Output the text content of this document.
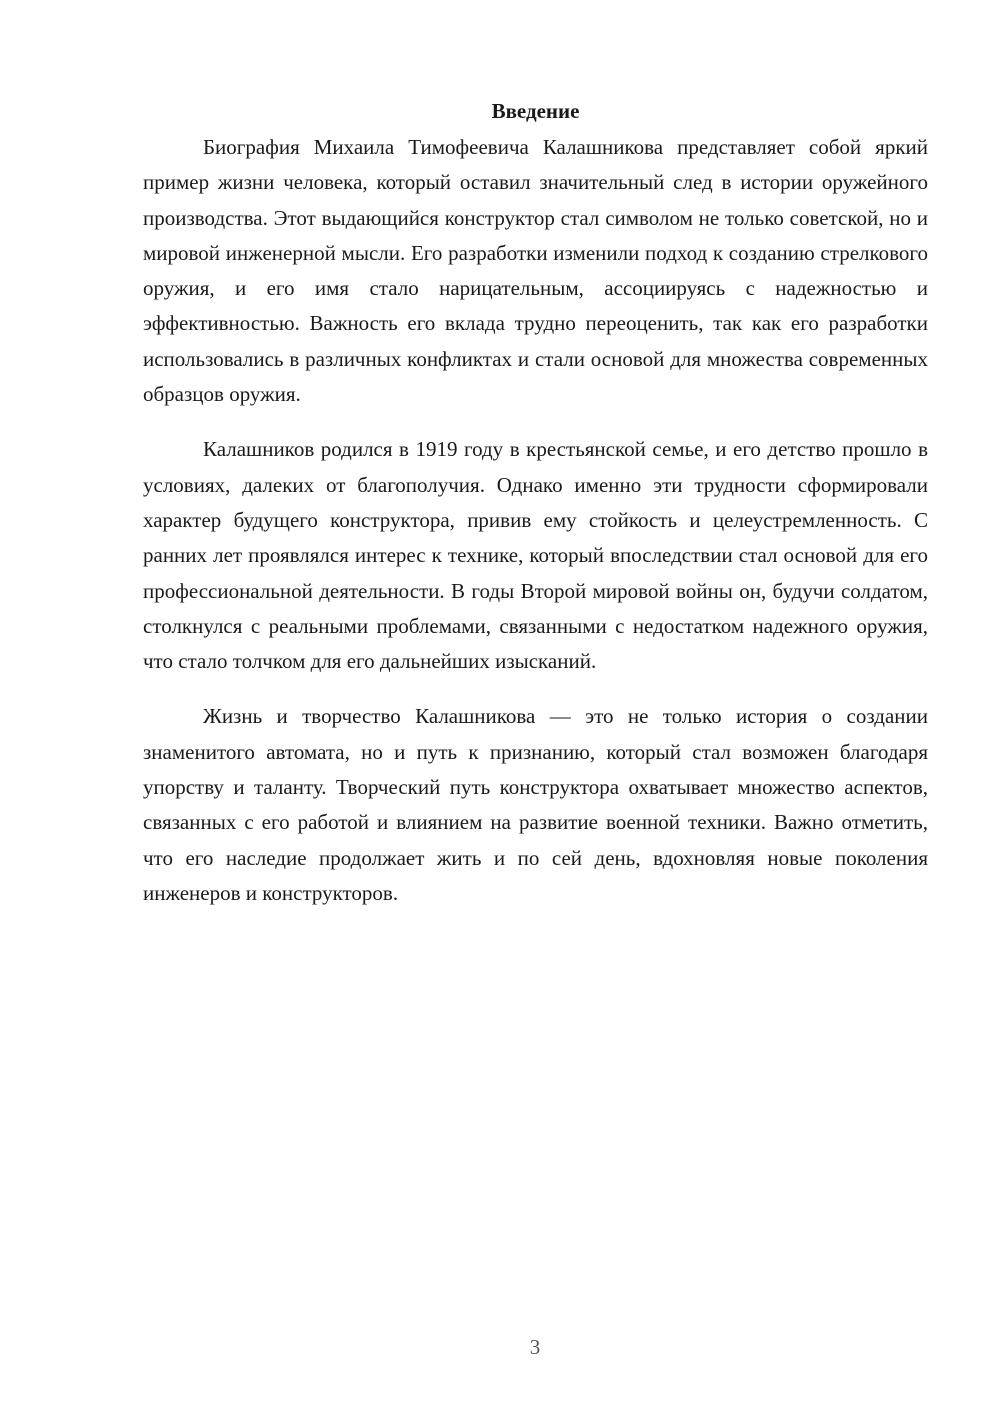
Введение

Биография Михаила Тимофеевича Калашникова представляет собой яркий пример жизни человека, который оставил значительный след в истории оружейного производства. Этот выдающийся конструктор стал символом не только советской, но и мировой инженерной мысли. Его разработки изменили подход к созданию стрелкового оружия, и его имя стало нарицательным, ассоциируясь с надежностью и эффективностью. Важность его вклада трудно переоценить, так как его разработки использовались в различных конфликтах и стали основой для множества современных образцов оружия.

Калашников родился в 1919 году в крестьянской семье, и его детство прошло в условиях, далеких от благополучия. Однако именно эти трудности сформировали характер будущего конструктора, привив ему стойкость и целеустремленность. С ранних лет проявлялся интерес к технике, который впоследствии стал основой для его профессиональной деятельности. В годы Второй мировой войны он, будучи солдатом, столкнулся с реальными проблемами, связанными с недостатком надежного оружия, что стало толчком для его дальнейших изысканий.

Жизнь и творчество Калашникова — это не только история о создании знаменитого автомата, но и путь к признанию, который стал возможен благодаря упорству и таланту. Творческий путь конструктора охватывает множество аспектов, связанных с его работой и влиянием на развитие военной техники. Важно отметить, что его наследие продолжает жить и по сей день, вдохновляя новые поколения инженеров и конструкторов.

3
